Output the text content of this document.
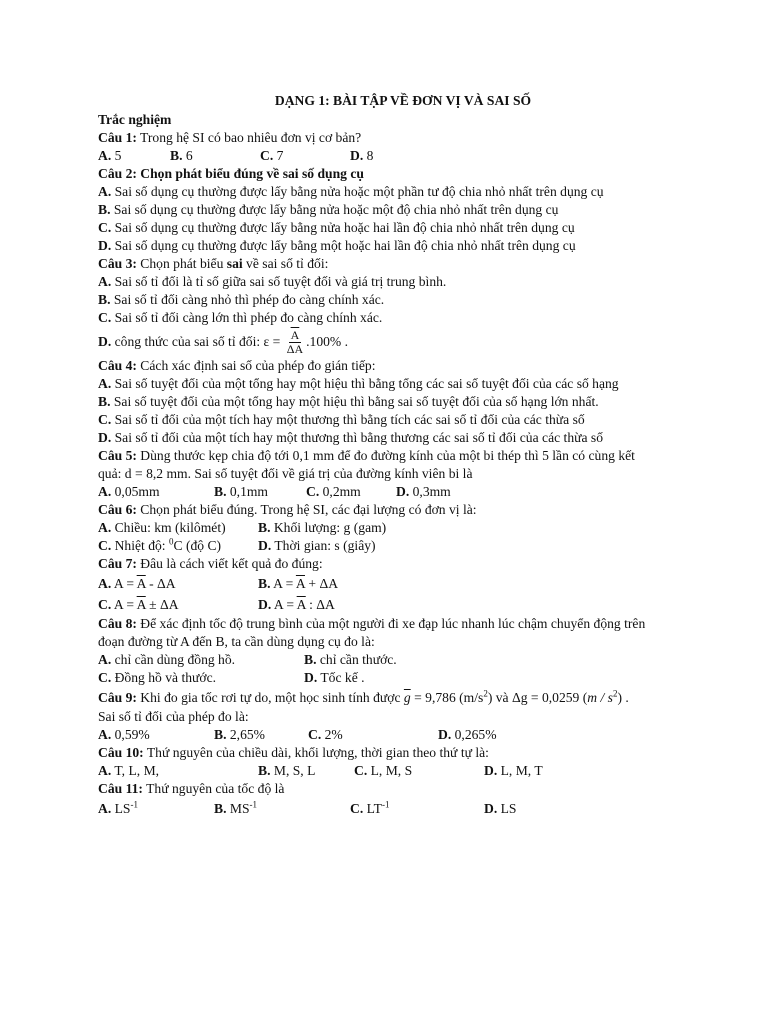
DẠNG 1: BÀI TẬP VỀ ĐƠN VỊ VÀ SAI SỐ
Trắc nghiệm
Câu 1: Trong hệ SI có bao nhiêu đơn vị cơ bản?
A. 5	B. 6	C. 7	D. 8
Câu 2: Chọn phát biểu đúng về sai số dụng cụ
A. Sai số dụng cụ thường được lấy bằng nửa hoặc một phần tư độ chia nhỏ nhất trên dụng cụ
B. Sai số dụng cụ thường được lấy bằng nửa hoặc một độ chia nhỏ nhất trên dụng cụ
C. Sai số dụng cụ thường được lấy bằng nửa hoặc hai lần độ chia nhỏ nhất trên dụng cụ
D. Sai số dụng cụ thường được lấy bằng một hoặc hai lần độ chia nhỏ nhất trên dụng cụ
Câu 3: Chọn phát biểu sai về sai số tỉ đối:
A. Sai số tỉ đối là tỉ số giữa sai số tuyệt đối và giá trị trung bình.
B. Sai số tỉ đối càng nhỏ thì phép đo càng chính xác.
C. Sai số tỉ đối càng lớn thì phép đo càng chính xác.
D. công thức của sai số tỉ đối: $\varepsilon = \frac{\overline{A}}{\Delta A} .100\%$ .
Câu 4: Cách xác định sai số của phép đo gián tiếp:
A. Sai số tuyệt đối của một tổng hay một hiệu thì bằng tổng các sai số tuyệt đối của các số hạng
B. Sai số tuyệt đối của một tổng hay một hiệu thì bằng sai số tuyệt đối của số hạng lớn nhất.
C. Sai số tỉ đối của một tích hay một thương thì bằng tích các sai số tỉ đối của các thừa số
D. Sai số tỉ đối của một tích hay một thương thì bằng thương các sai số tỉ đối của các thừa số
Câu 5: Dùng thước kẹp chia độ tới 0,1 mm để đo đường kính của một bi thép thì 5 lần có cùng kết
quả: d = 8,2 mm. Sai số tuyệt đối về giá trị của đường kính viên bi là
A. 0,05mm	B. 0,1mm	C. 0,2mm	D. 0,3mm
Câu 6: Chọn phát biểu đúng. Trong hệ SI, các đại lượng có đơn vị là:
A. Chiều: km (kilômét)	B. Khối lượng: g (gam)
C. Nhiệt độ: $^0$C (độ C)	D. Thời gian: s (giây)
Câu 7: Đâu là cách viết kết quả đo đúng:
A. $A = \overline{A} - \Delta A$	B. $A = \overline{A} + \Delta A$
C. $A = \overline{A} \pm \Delta A$	D. $A = \overline{A}$ : ΔA
Câu 8: Để xác định tốc độ trung bình của một người đi xe đạp lúc nhanh lúc chậm chuyển động trên
đoạn đường từ A đến B, ta cần dùng dụng cụ đo là:
A. chỉ cần dùng đồng hồ.	B. chỉ cần thước.
C. Đồng hồ và thước.	D. Tốc kế .
Câu 9: Khi đo gia tốc rơi tự do, một học sinh tính được $\overline{g} = 9,786$ $(m/s^2)$ và Δg = 0,0259 $(m / s^2)$ .
Sai số tỉ đối của phép đo là:
A. 0,59%	B. 2,65%	C. 2%	D. 0,265%
Câu 10: Thứ nguyên của chiều dài, khối lượng, thời gian theo thứ tự là:
A. T, L, M,	B. M, S, L	C. L, M, S	D. L, M, T
Câu 11: Thứ nguyên của tốc độ là
A. $LS^{-1}$	B. $MS^{-1}$	C. $LT^{-1}$	D. LS
